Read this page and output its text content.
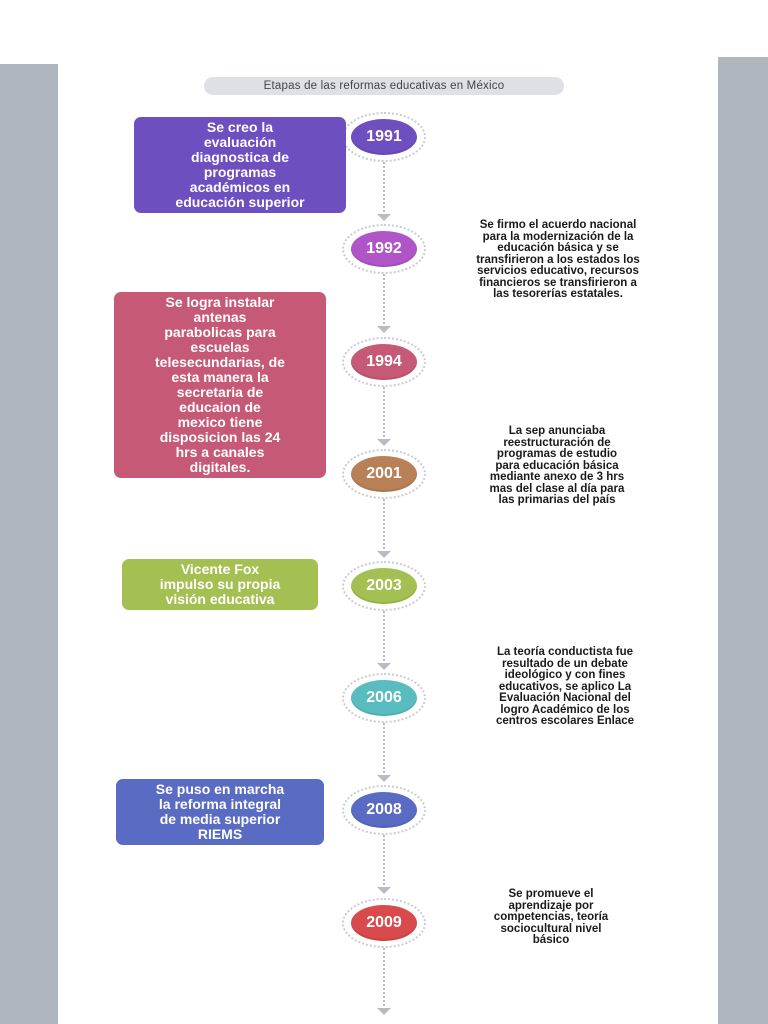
Etapas de las reformas educativas en México
1991
1992
1994
2001
2003
2006
2008
2009
Se creo la
evaluación
diagnostica de
programas
académicos en
educación superior
Se logra instalar
antenas
parabolicas para
escuelas
telesecundarias, de
esta manera la
secretaria de
educaion de
mexico tiene
disposicion las 24
hrs a canales
digitales.
Vicente Fox
impulso su propia
visión educativa
Se puso en marcha
la reforma integral
de media superior
RIEMS
Se firmo el acuerdo nacional
para la modernización de la
educación básica y se
transfirieron a los estados los
servicios educativo, recursos
financieros se transfirieron a
las tesorerías estatales.
La sep anunciaba
reestructuración de
programas de estudio
para educación básica
mediante anexo de 3 hrs
mas del clase al día para
las primarias del país
La teoría conductista fue
resultado de un debate
ideológico y con fines
educativos, se aplico La
Evaluación Nacional del
logro Académico de los
centros escolares Enlace
Se promueve el
aprendizaje por
competencias, teoría
sociocultural nivel
básico
